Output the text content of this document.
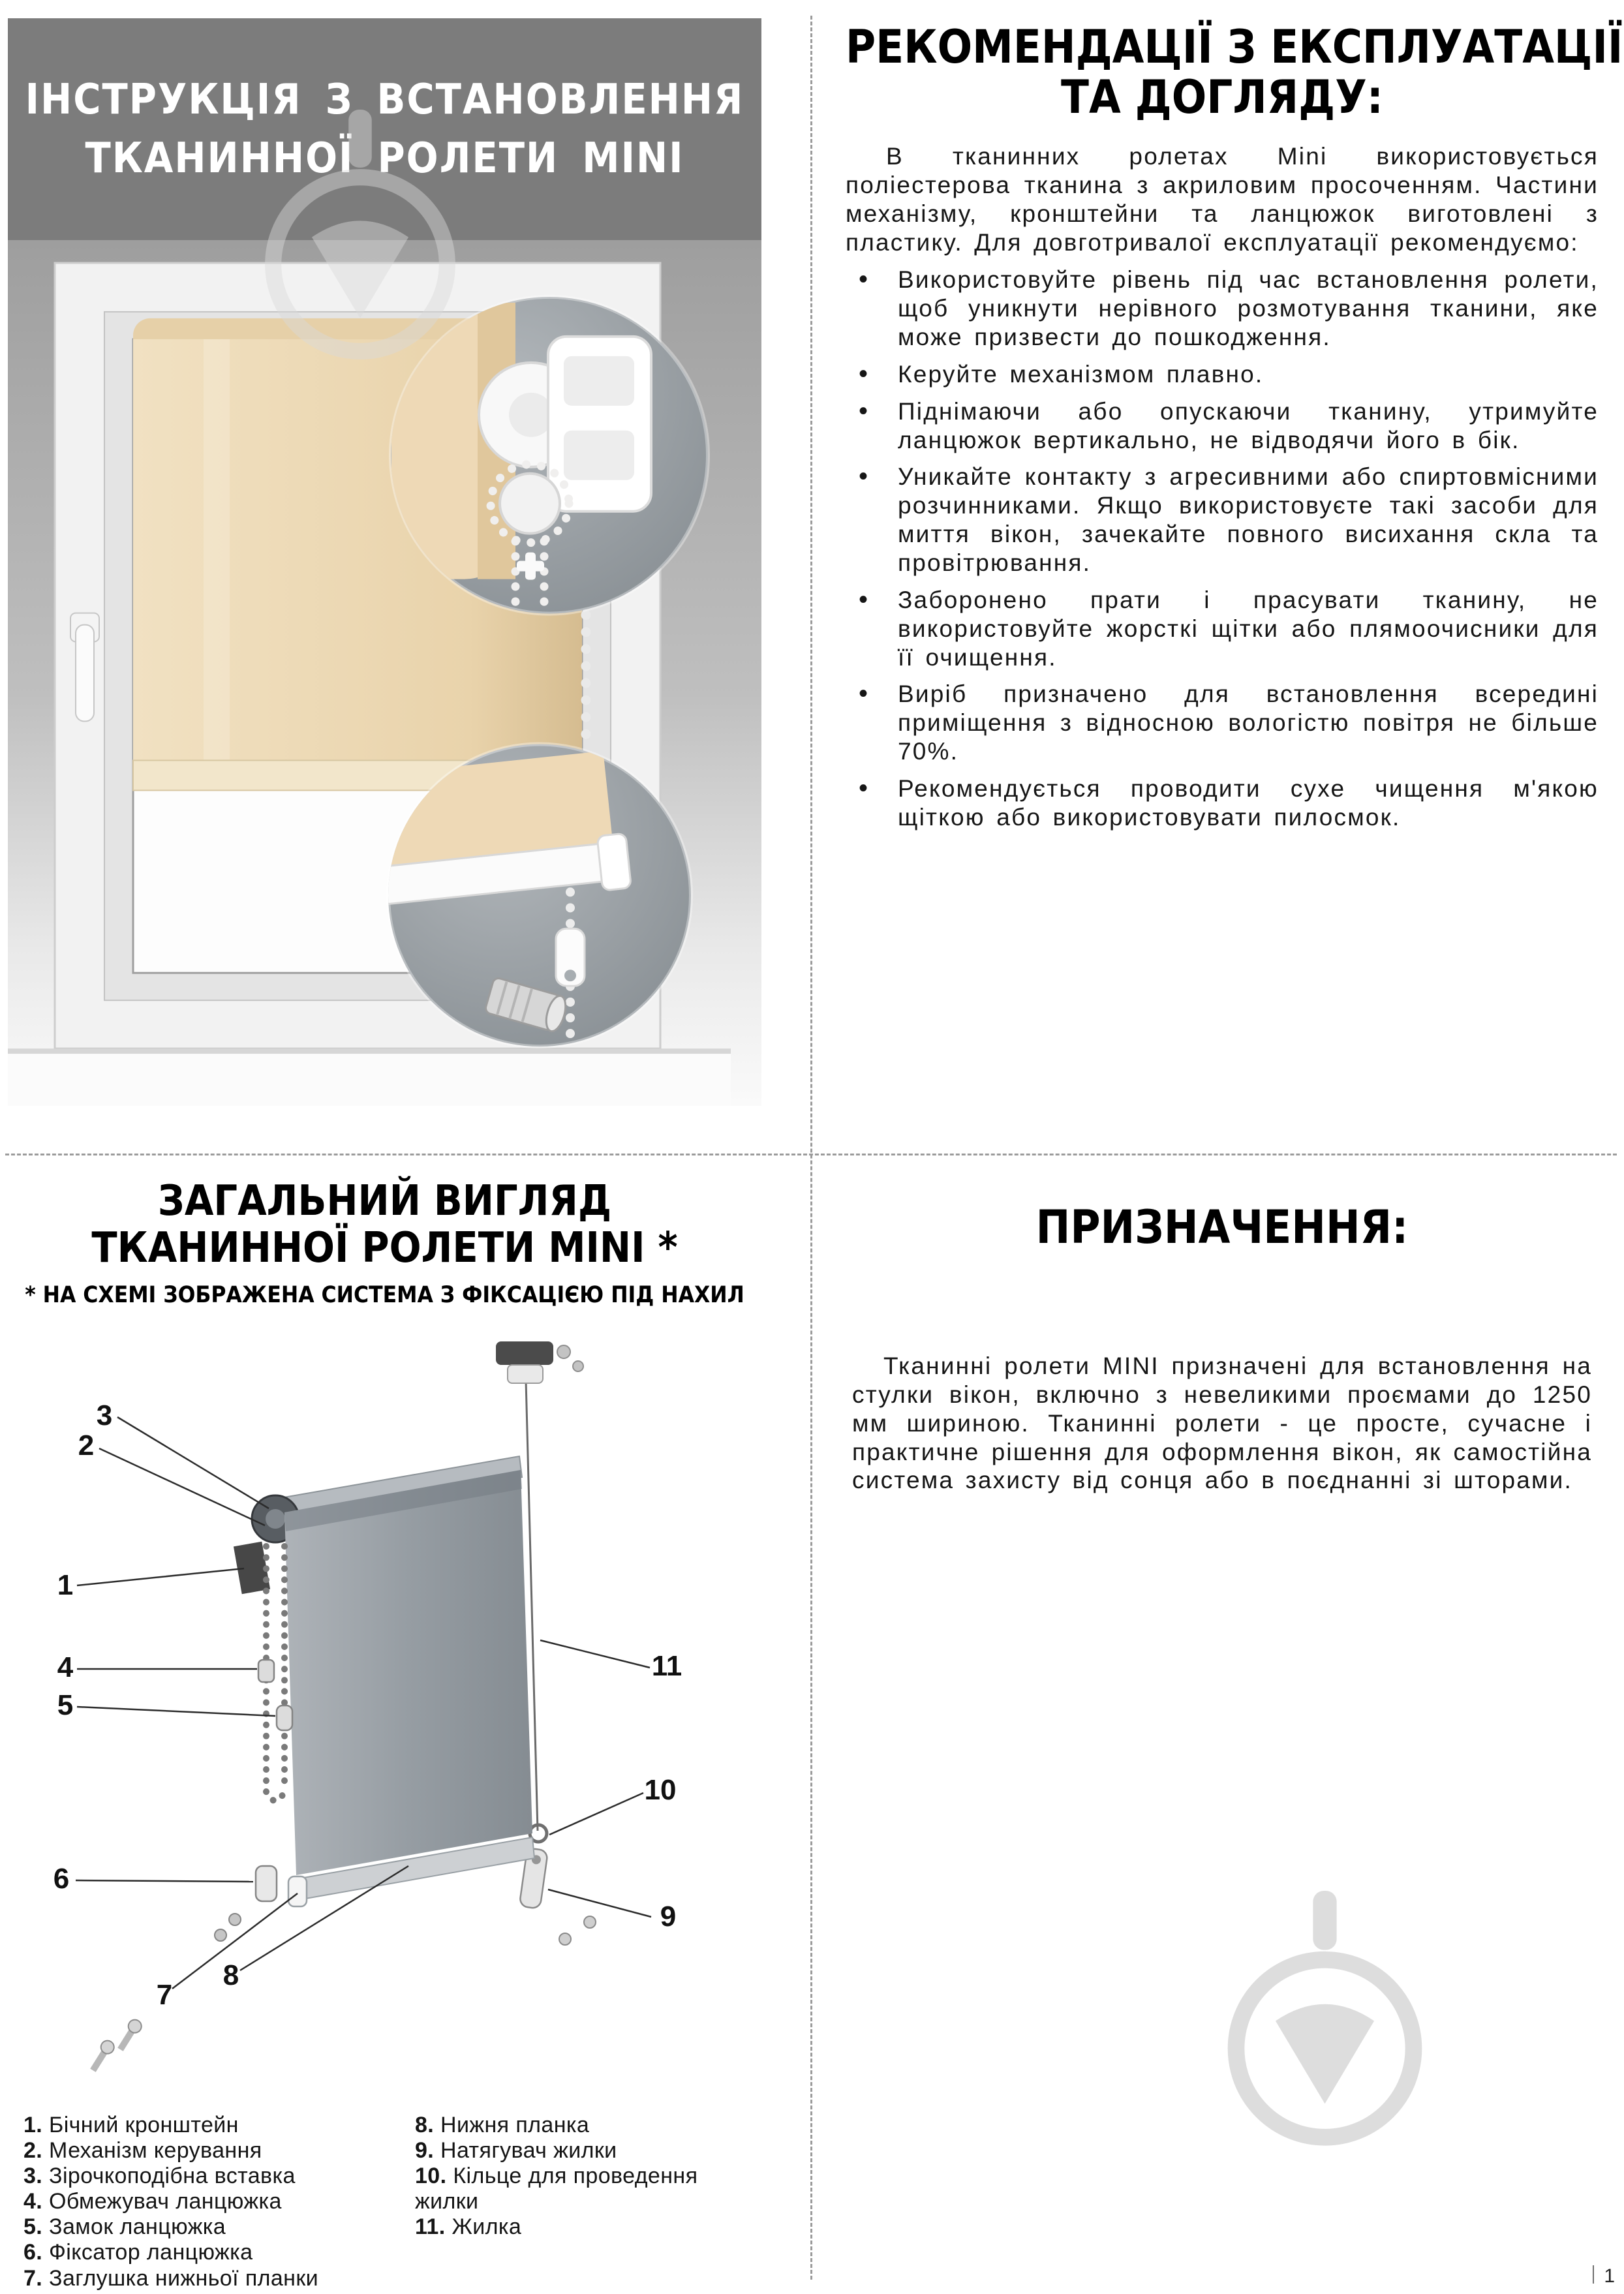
ІНСТРУКЦІЯ З ВСТАНОВЛЕННЯ
ТКАНИННОЇ РОЛЕТИ MINI
РЕКОМЕНДАЦІЇ З ЕКСПЛУАТАЦІЇ
ТА ДОГЛЯДУ:

В тканинних ролетах Mini використовується поліестерова тканина з акриловим просоченням. Частини механізму, кронштейни та ланцюжок виготовлені з пластику. Для довготривалої експлуатації рекомендуємо:

• Використовуйте рівень під час встановлення ролети, щоб уникнути нерівного розмотування тканини, яке може призвести до пошкодження.
• Керуйте механізмом плавно.
• Піднімаючи або опускаючи тканину, утримуйте ланцюжок вертикально, не відводячи його в бік.
• Уникайте контакту з агресивними або спиртовмісними розчинниками. Якщо використовуєте такі засоби для миття вікон, зачекайте повного висихання скла та провітрювання.
• Заборонено прати і прасувати тканину, не використовуйте жорсткі щітки або плямоочисники для її очищення.
• Виріб призначено для встановлення всередині приміщення з відносною вологістю повітря не більше 70%.
• Рекомендується проводити сухе чищення м'якою щіткою або використовувати пилосмок.
ЗАГАЛЬНИЙ ВИГЛЯД
ТКАНИННОЇ РОЛЕТИ MINI *
* НА СХЕМІ ЗОБРАЖЕНА СИСТЕМА З ФІКСАЦІЄЮ ПІД НАХИЛ
3
2
1
4
5
6
7
8
9
10
11
1. Бічний кронштейн
2. Механізм керування
3. Зірочкоподібна вставка
4. Обмежувач ланцюжка
5. Замок ланцюжка
6. Фіксатор ланцюжка
7. Заглушка нижньої планки
8. Нижня планка
9. Натягувач жилки
10. Кільце для проведення жилки
11. Жилка
ПРИЗНАЧЕННЯ:

Тканинні ролети MINI призначені для встановлення на стулки вікон, включно з невеликими проємами до 1250 мм шириною. Тканинні ролети - це просте, сучасне і практичне рішення для оформлення вікон, як самостійна система захисту від сонця або в поєднанні зі шторами.

1
